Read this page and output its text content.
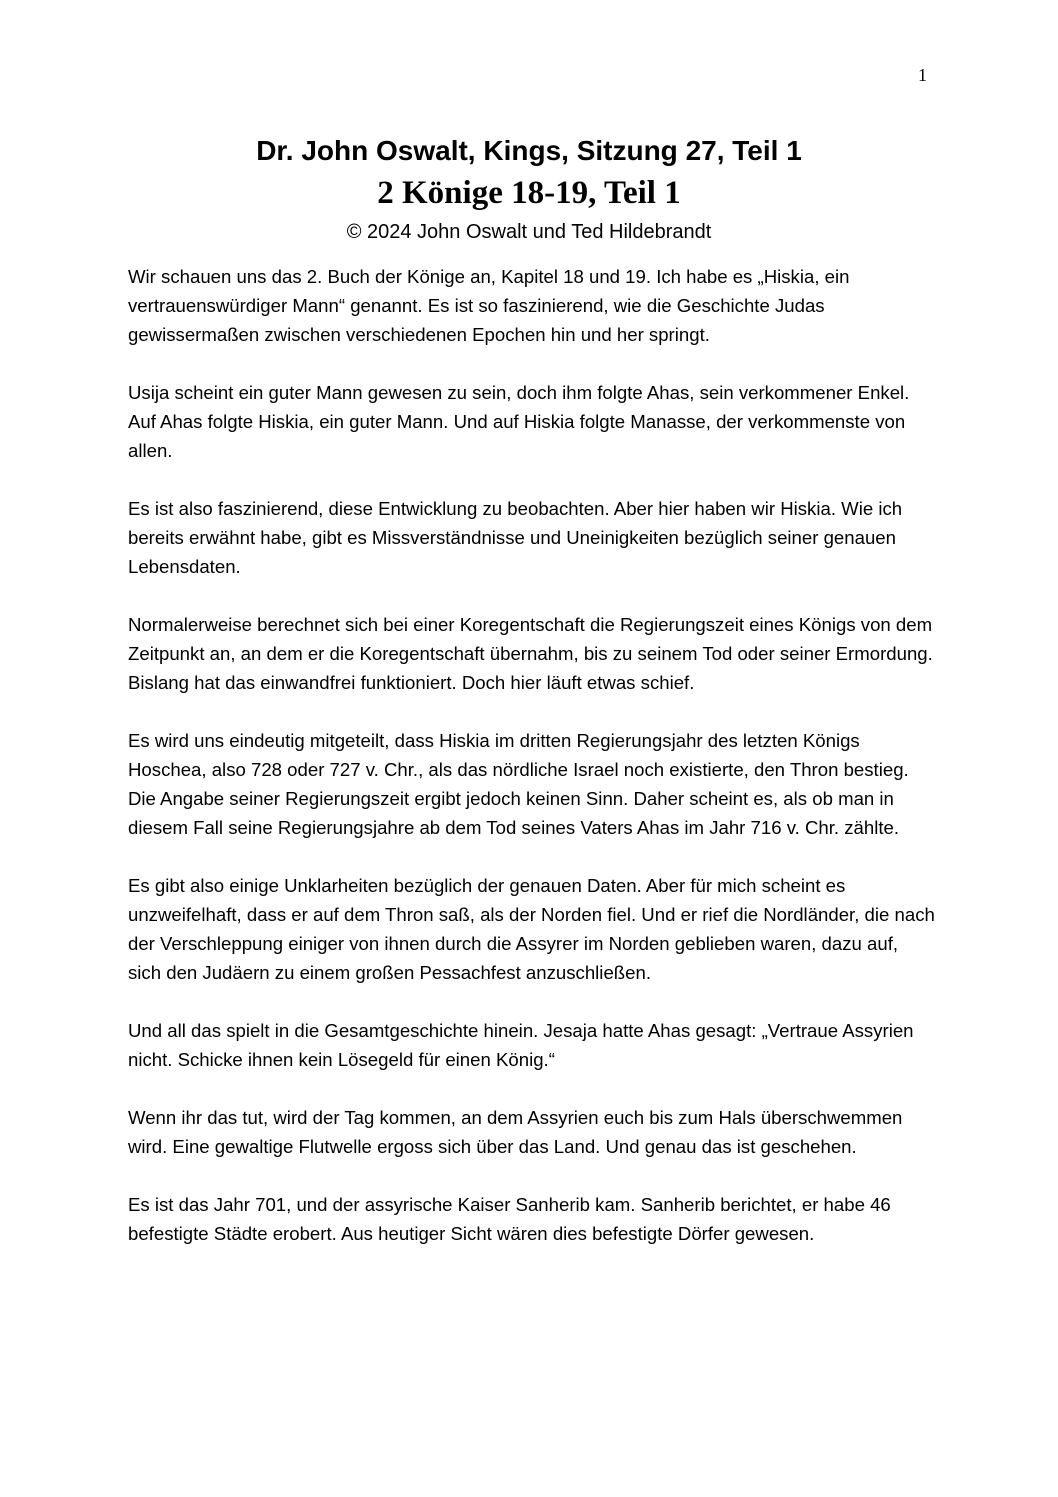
1
Dr. John Oswalt, Kings, Sitzung 27, Teil 1
2 Könige 18-19, Teil 1
© 2024 John Oswalt und Ted Hildebrandt

Wir schauen uns das 2. Buch der Könige an, Kapitel 18 und 19. Ich habe es „Hiskia, ein vertrauenswürdiger Mann“ genannt. Es ist so faszinierend, wie die Geschichte Judas gewissermaßen zwischen verschiedenen Epochen hin und her springt.

Usija scheint ein guter Mann gewesen zu sein, doch ihm folgte Ahas, sein verkommener Enkel. Auf Ahas folgte Hiskia, ein guter Mann. Und auf Hiskia folgte Manasse, der verkommenste von allen.

Es ist also faszinierend, diese Entwicklung zu beobachten. Aber hier haben wir Hiskia. Wie ich bereits erwähnt habe, gibt es Missverständnisse und Uneinigkeiten bezüglich seiner genauen Lebensdaten.

Normalerweise berechnet sich bei einer Koregentschaft die Regierungszeit eines Königs von dem Zeitpunkt an, an dem er die Koregentschaft übernahm, bis zu seinem Tod oder seiner Ermordung. Bislang hat das einwandfrei funktioniert. Doch hier läuft etwas schief.

Es wird uns eindeutig mitgeteilt, dass Hiskia im dritten Regierungsjahr des letzten Königs Hoschea, also 728 oder 727 v. Chr., als das nördliche Israel noch existierte, den Thron bestieg. Die Angabe seiner Regierungszeit ergibt jedoch keinen Sinn. Daher scheint es, als ob man in diesem Fall seine Regierungsjahre ab dem Tod seines Vaters Ahas im Jahr 716 v. Chr. zählte.

Es gibt also einige Unklarheiten bezüglich der genauen Daten. Aber für mich scheint es unzweifelhaft, dass er auf dem Thron saß, als der Norden fiel. Und er rief die Nordländer, die nach der Verschleppung einiger von ihnen durch die Assyrer im Norden geblieben waren, dazu auf, sich den Judäern zu einem großen Pessachfest anzuschließen.

Und all das spielt in die Gesamtgeschichte hinein. Jesaja hatte Ahas gesagt: „Vertraue Assyrien nicht. Schicke ihnen kein Lösegeld für einen König.“

Wenn ihr das tut, wird der Tag kommen, an dem Assyrien euch bis zum Hals überschwemmen wird. Eine gewaltige Flutwelle ergoss sich über das Land. Und genau das ist geschehen.

Es ist das Jahr 701, und der assyrische Kaiser Sanherib kam. Sanherib berichtet, er habe 46 befestigte Städte erobert. Aus heutiger Sicht wären dies befestigte Dörfer gewesen.
